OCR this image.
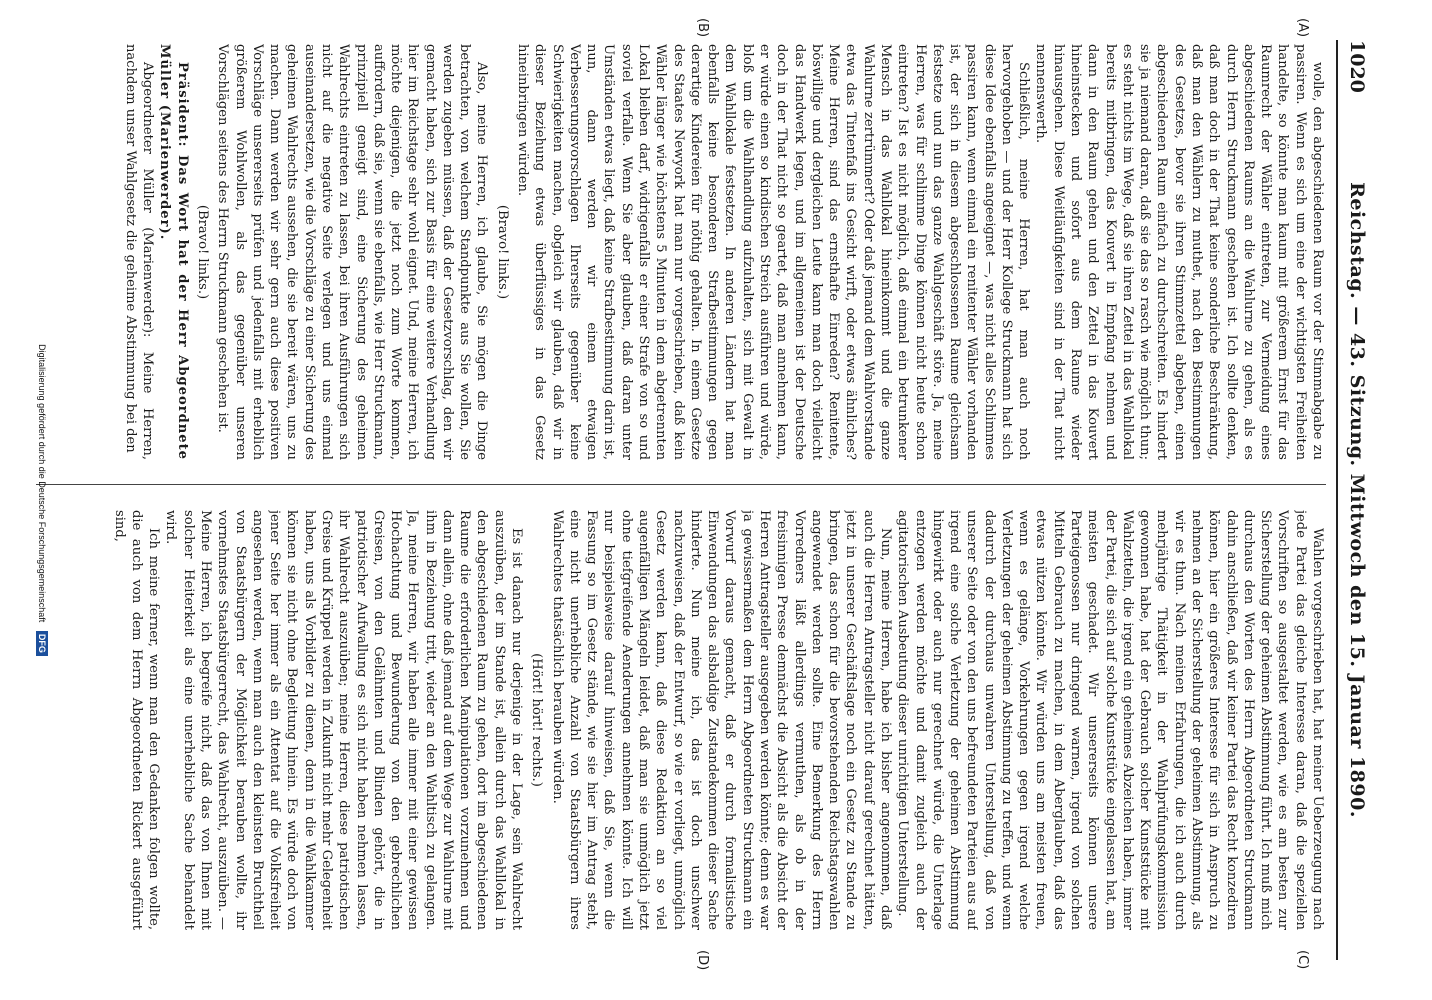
1020
Reichstag. — 43. Sitzung. Mittwoch den 15. Januar 1890.
(A)
(B)
(C)
(D)

wolle, den abgeschiedenen Raum vor der Stimmabgabe zu passiren. Wenn es sich um eine der wichtigsten Freiheiten handelte, so könnte man kaum mit größerem Ernst für das Raumrecht der Wähler eintreten, zur Vermeidung eines abgeschiedenen Raums an die Wahlurne zu gehen, als es durch Herrn Struckmann geschehen ist. Ich sollte denken, daß man doch in der That keine sonderliche Beschränkung, daß man den Wählern zu muthet, nach den Bestimmungen des Gesetzes, bevor sie ihren Stimmzettel abgeben, einen abgeschiedenen Raum einfach zu durchschreiten. Es hindert sie ja niemand daran, daß sie das so rasch wie möglich thun; es steht nichts im Wege, daß sie ihren Zettel in das Wahllokal bereits mitbringen, das Kouvert in Empfang nehmen und dann in den Raum gehen und den Zettel in das Kouvert hineinstecken und sofort aus dem Raume wieder hinausgehen. Diese Weitläufigkeiten sind in der That nicht nennenswerth.

Schließlich, meine Herren, hat man auch noch hervorgehoben — und der Herr Kollege Struckmann hat sich diese Idee ebenfalls angeeignet —, was nicht alles Schlimmes passiren kann, wenn einmal ein renitenter Wähler vorhanden ist, der sich in diesem abgeschlossenen Raume gleichsam festsetze und nun das ganze Wahlgeschäft störe. Ja, meine Herren, was für schlimme Dinge können nicht heute schon eintreten? Ist es nicht möglich, daß einmal ein betrunkener Mensch in das Wahllokal hineinkommt und die ganze Wahlurne zertrümmert? Oder daß jemand dem Wahlvorstande etwa das Tintenfaß ins Gesicht wirft, oder etwas ähnliches? Meine Herren, sind das ernsthafte Einreden? Renitente, böswillige und dergleichen Leute kann man doch vielleicht das Handwerk legen, und im allgemeinen ist der Deutsche doch in der That nicht so geartet, daß man annehmen kann, er würde einen so kindischen Streich ausführen und würde, bloß um die Wahlhandlung aufzuhalten, sich mit Gewalt in dem Wahllokale festsetzen. In anderen Ländern hat man ebenfalls keine besonderen Strafbestimmungen gegen derartige Kindereien für nöthig gehalten. In einem Gesetze des Staates Newyork hat man nur vorgeschrieben, daß kein Wähler länger wie höchstens 5 Minuten in dem abgetrennten Lokal bleiben darf, widrigenfalls er einer Strafe von so und soviel verfalle. Wenn Sie aber glauben, daß daran unter Umständen etwas liegt, daß keine Strafbestimmung darin ist, nun, dann werden wir einem etwaigen Verbesserungsvorschlagen Ihrerseits gegenüber keine Schwierigkeiten machen, obgleich wir glauben, daß wir in dieser Beziehung etwas überflüssiges in das Gesetz hineinbringen würden.

(Bravo! links.)

Also, meine Herren, ich glaube, Sie mögen die Dinge betrachten, von welchem Standpunkte aus Sie wollen, Sie werden zugeben müssen, daß der Gesetzvorschlag, den wir gemacht haben, sich zur Basis für eine weitere Verhandlung hier im Reichstage sehr wohl eignet. Und, meine Herren, ich möchte diejenigen, die jetzt noch zum Worte kommen, auffordern, daß sie, wenn sie ebenfalls, wie Herr Struckmann, prinzipiell geneigt sind, eine Sicherung des geheimen Wahlrechts eintreten zu lassen, bei ihren Ausführungen sich nicht auf die negative Seite verlegen und uns einmal auseinandersetzen, wie die Vorschläge zu einer Sicherung des geheimen Wahlrechts aussehen, die sie bereit wären, uns zu machen. Dann werden wir sehr gern auch diese positiven Vorschläge unsererseits prüfen und jedenfalls mit erheblich größerem Wohlwollen, als das gegenüber unseren Vorschlägen seitens des Herrn Struckmann geschehen ist.

(Bravo! links.)

Präsident: Das Wort hat der Herr Abgeordnete Müller (Marienwerder).

Abgeordneter Müller (Marienwerder): Meine Herren, nachdem unser Wahlgesetz die geheime Abstimmung bei den

Wahlen vorgeschrieben hat, hat meiner Ueberzeugung nach jede Partei das gleiche Interesse daran, daß die speziellen Vorschriften so ausgestaltet werden, wie es am besten zur Sicherstellung der geheimen Abstimmung führt. Ich muß mich durchaus den Worten des Herrn Abgeordneten Struckmann dahin anschließen, daß wir keiner Partei das Recht konzediren können, hier ein größeres Interesse für sich in Anspruch zu nehmen an der Sicherstellung der geheimen Abstimmung, als wir es thun. Nach meinen Erfahrungen, die ich auch durch mehrjährige Thätigkeit in der Wahlprüfungskommission gewonnen habe, hat der Gebrauch solcher Kunststücke mit Wahlzetteln, die irgend ein geheimes Abzeichen haben, immer der Partei, die sich auf solche Kunststücke eingelassen hat, am meisten geschadet. Wir unsererseits können unsere Parteigenossen nur dringend warnen, irgend von solchen Mitteln Gebrauch zu machen, in dem Aberglauben, daß das etwas nützen könnte. Wir würden uns am meisten freuen, wenn es gelänge, Vorkehrungen gegen irgend welche Verletzungen der geheimen Abstimmung zu treffen, und wenn dadurch der durchaus unwahren Unterstellung, daß von unserer Seite oder von den uns befreundeten Parteien aus auf irgend eine solche Verletzung der geheimen Abstimmung hingewirkt oder auch nur gerechnet würde, die Unterlage entzogen werden möchte und damit zugleich auch der agitatorischen Ausbeutung dieser unrichtigen Unterstellung.

Nun, meine Herren, habe ich bisher angenommen, daß auch die Herren Antragsteller nicht darauf gerechnet hätten, jetzt in unserer Geschäftslage noch ein Gesetz zu Stande zu bringen, das schon für die bevorstehenden Reichstagswahlen angewendet werden sollte. Eine Bemerkung des Herrn Vorredners läßt allerdings vermuthen, als ob in der freisinnigen Presse demnächst die Absicht als die Absicht der Herren Antragsteller ausgegeben werden könnte; denn es war ja gewissermaßen dem Herrn Abgeordneten Struckmann ein Vorwurf daraus gemacht, daß er durch formalistische Einwendungen das alsbaldige Zustandekommen dieser Sache hinderte. Nun meine ich, das ist doch unschwer nachzuweisen, daß der Entwurf, so wie er vorliegt, unmöglich Gesetz werden kann, daß diese Redaktion an so viel augenfälligen Mängeln leidet, daß man sie unmöglich jetzt ohne tiefgreifende Aenderungen annehmen könnte. Ich will nur beispielsweise darauf hinweisen, daß Sie, wenn die Fassung so im Gesetz stände, wie sie hier im Antrag steht, eine nicht unerhebliche Anzahl von Staatsbürgern ihres Wahlrechtes thatsächlich berauben würden.

(Hört! hört! rechts.)

Es ist danach nur derjenige in der Lage, sein Wahlrecht auszuüben, der im Stande ist, allein durch das Wahllokal in den abgeschiedenen Raum zu gehen, dort im abgeschiedenen Raume die erforderlichen Manipulationen vorzunehmen und dann allein, ohne daß jemand auf dem Wege zur Wahlurne mit ihm in Beziehung tritt, wieder an den Wahltisch zu gelangen. Ja, meine Herren, wir haben alle immer mit einer gewissen Hochachtung und Bewunderung von den gebrechlichen Greisen, von den Gelähmten und Blinden gehört, die in patriotischer Aufwallung es sich nicht haben nehmen lassen, ihr Wahlrecht auszuüben; meine Herren, diese patriotischen Greise und Krüppel werden in Zukunft nicht mehr Gelegenheit haben, uns als Vorbilder zu dienen, denn in die Wahlkammer können sie nicht ohne Begleitung hinein. Es würde doch von jener Seite her immer als ein Attentat auf die Volksfreiheit angesehen werden, wenn man auch den kleinsten Bruchtheil von Staatsbürgern der Möglichkeit berauben wollte, ihr vornehmstes Staatsbürgerrecht, das Wahlrecht, auszuüben. — Meine Herren, ich begreife nicht, daß das von Ihnen mit solcher Heiterkeit als eine unerhebliche Sache behandelt wird.

Ich meine ferner, wenn man den Gedanken folgen wollte, die auch von dem Herrn Abgeordneten Rickert ausgeführt sind,

Digitalisierung gefördert durch die Deutsche Forschungsgemeinschaft DFG
